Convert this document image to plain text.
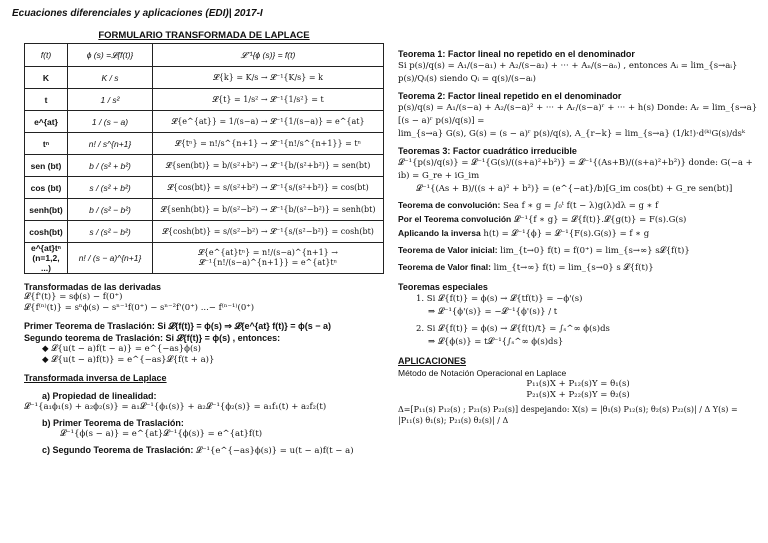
Ecuaciones diferenciales y aplicaciones (EDI)| 2017-I
FORMULARIO TRANSFORMADA DE LAPLACE
f(t)	ϕ (s) =𝓛{f(t)}	𝓛⁻¹{ϕ (s)} = f(t)
K	K / s	𝓛{k} = K/s → 𝓛⁻¹{K/s} = k
t	1 / s²	𝓛{t} = 1/s² → 𝓛⁻¹{1/s²} = t
e^{at}	1 / (s − a)	𝓛{e^{at}} = 1/(s−a) → 𝓛⁻¹{1/(s−a)} = e^{at}
tⁿ	n! / s^{n+1}	𝓛{tⁿ} = n!/s^{n+1} → 𝓛⁻¹{n!/s^{n+1}} = tⁿ
sen (bt)	b / (s² + b²)	𝓛{sen(bt)} = b/(s²+b²) → 𝓛⁻¹{b/(s²+b²)} = sen(bt)
cos (bt)	s / (s² + b²)	𝓛{cos(bt)} = s/(s²+b²) → 𝓛⁻¹{s/(s²+b²)} = cos(bt)
senh(bt)	b / (s² − b²)	𝓛{senh(bt)} = b/(s²−b²) → 𝓛⁻¹{b/(s²−b²)} = senh(bt)
cosh(bt)	s / (s² − b²)	𝓛{cosh(bt)} = s/(s²−b²) → 𝓛⁻¹{s/(s²−b²)} = cosh(bt)
e^{at}tⁿ (n=1,2, ...)	n! / (s − a)^{n+1}	𝓛{e^{at}tⁿ} = n!/(s−a)^{n+1} → 𝓛⁻¹{n!/(s−a)^{n+1}} = e^{at}tⁿ
Transformadas de las derivadas
𝓛{f'(t)} = sϕ(s) − f(0⁺)
𝓛{f⁽ⁿ⁾(t)} = sⁿϕ(s) − sⁿ⁻¹f(0⁺) − sⁿ⁻²f'(0⁺) ...− f⁽ⁿ⁻¹⁾(0⁺)
Primer Teorema de Traslación: Si 𝓛{f(t)} = ϕ(s) ⇒ 𝓛{e^{at} f(t)} = ϕ(s − a)
Segundo teorema de Traslación: Si 𝓛{f(t)} = ϕ(s) , entonces:
◆ 𝓛{u(t − a)f(t − a)} = e^{−as}ϕ(s)
◆ 𝓛{u(t − a)f(t)} = e^{−as}𝓛{f(t + a)}
Transformada inversa de Laplace
a) Propiedad de linealidad:
𝓛⁻¹{a₁ϕ₁(s) + a₂ϕ₂(s)} = a₁𝓛⁻¹{ϕ₁(s)} + a₂𝓛⁻¹{ϕ₂(s)} = a₁f₁(t) + a₂f₂(t)
b) Primer Teorema de Traslación:
𝓛⁻¹{ϕ(s − a)} = e^{at}𝓛⁻¹{ϕ(s)} = e^{at}f(t)
c) Segundo Teorema de Traslación: 𝓛⁻¹{e^{−as}ϕ(s)} = u(t − a)f(t − a)
Teorema 1: Factor lineal no repetido en el denominador
Si p(s)/q(s) = A₁/(s−a₁) + A₂/(s−a₂) + ··· + Aₙ/(s−aₙ) , entonces Aᵢ = lim_{s→aᵢ} p(s)/Qᵢ(s) siendo Qᵢ = q(s)/(s−aᵢ)
Teorema 2: Factor lineal repetido en el denominador
p(s)/q(s) = A₁/(s−a) + A₂/(s−a)² + ··· + Aᵣ/(s−a)ʳ + ··· + h(s) Donde: Aᵣ = lim_{s→a}[(s − a)ʳ p(s)/q(s)] =
lim_{s→a} G(s), G(s) = (s − a)ʳ p(s)/q(s), A_{r−k} = lim_{s→a} (1/k!)·d⁽ᵏ⁾G(s)/dsᵏ
Teoremas 3: Factor cuadrático irreducible
𝓛⁻¹{p(s)/q(s)} = 𝓛⁻¹{G(s)/((s+a)²+b²)} = 𝓛⁻¹{(As+B)/((s+a)²+b²)} donde: G(−a + ib) = G_re + iG_im
𝓛⁻¹{(As + B)/((s + a)² + b²)} = (e^{−at}/b)[G_im cos(bt) + G_re sen(bt)]
Teorema de convolución: Sea f ∗ g = ∫₀ᵗ f(t − λ)g(λ)dλ = g ∗ f
Por el Teorema convolución 𝓛⁻¹{f ∗ g} = 𝓛{f(t)}.𝓛{g(t)} = F(s).G(s)
Aplicando la inversa h(t) = 𝓛⁻¹{ϕ} = 𝓛⁻¹{F(s).G(s)} = f ∗ g
Teorema de Valor inicial: lim_{t→0} f(t) = f(0⁺) = lim_{s→∞} s𝓛{f(t)}
Teorema de Valor final: lim_{t→∞} f(t) = lim_{s→0} s 𝓛{f(t)}
Teoremas especiales
1. Si 𝓛{f(t)} = ϕ(s) → 𝓛{tf(t)} = −ϕ'(s)
⇒ 𝓛⁻¹{ϕ'(s)} = −𝓛⁻¹{ϕ'(s)} / t
2. Si 𝓛{f(t)} = ϕ(s) → 𝓛{f(t)/t} = ∫ₛ^∞ ϕ(s)ds
⇒ 𝓛{ϕ(s)} = t𝓛⁻¹{∫ₛ^∞ ϕ(s)ds}
APLICACIONES
Método de Notación Operacional en Laplace
P₁₁(s)X + P₁₂(s)Y = θ₁(s)
P₂₁(s)X + P₂₂(s)Y = θ₂(s)
Δ=[P₁₁(s) P₁₂(s) ; P₂₁(s) P₂₂(s)] despejando: X(s) = |θ₁(s) P₁₂(s); θ₂(s) P₂₂(s)| / Δ Y(s) = |P₁₁(s) θ₁(s); P₂₁(s) θ₂(s)| / Δ
